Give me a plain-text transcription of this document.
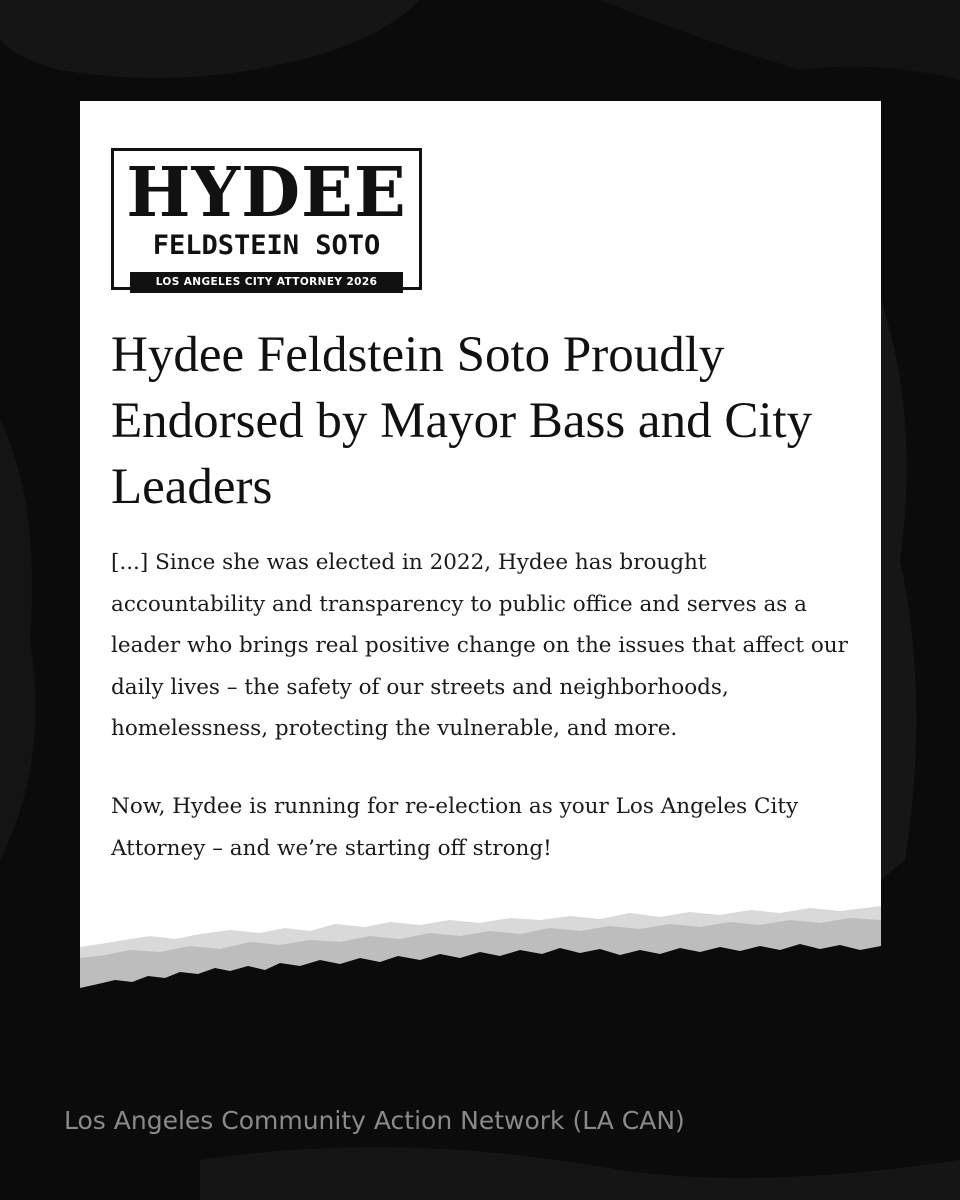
HYDEE
FELDSTEIN SOTO
LOS ANGELES CITY ATTORNEY 2026
Hydee Feldstein Soto Proudly Endorsed by Mayor Bass and City Leaders

[...] Since she was elected in 2022, Hydee has brought accountability and transparency to public office and serves as a leader who brings real positive change on the issues that affect our daily lives – the safety of our streets and neighborhoods, homelessness, protecting the vulnerable, and more.

Now, Hydee is running for re-election as your Los Angeles City Attorney – and we’re starting off strong!

Los Angeles Community Action Network (LA CAN)
